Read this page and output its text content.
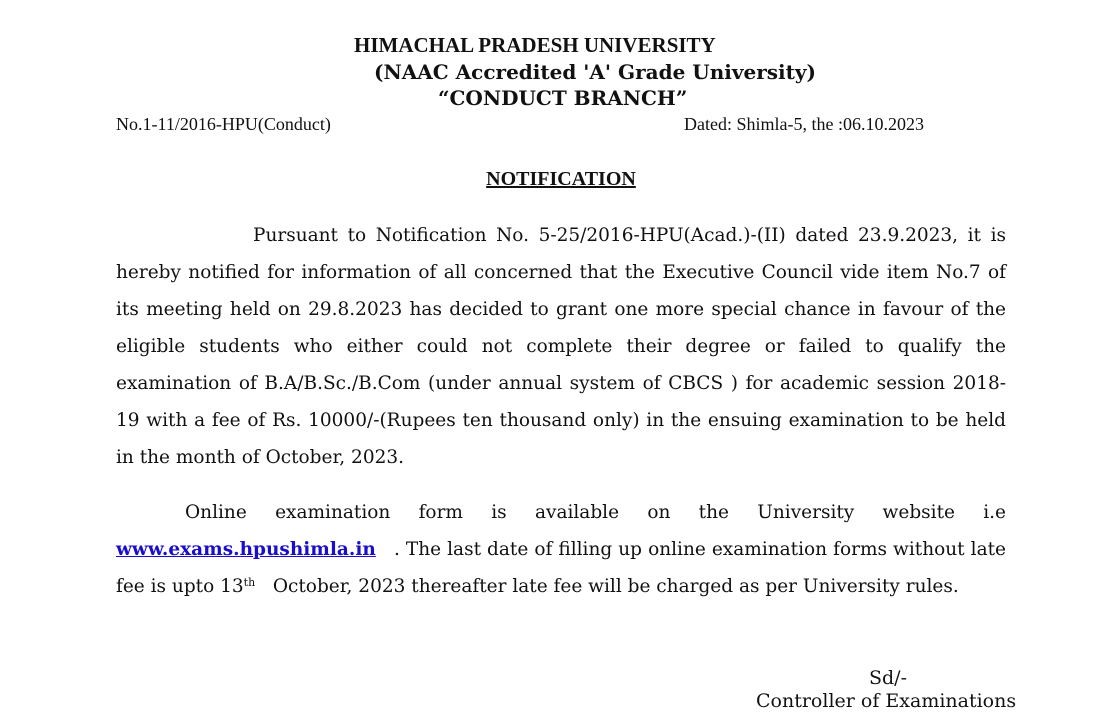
HIMACHAL PRADESH UNIVERSITY
(NAAC Accredited 'A' Grade University)
“CONDUCT BRANCH”
No.1-11/2016-HPU(Conduct)	Dated: Shimla-5, the :06.10.2023
NOTIFICATION
Pursuant to Notification No. 5-25/2016-HPU(Acad.)-(II) dated 23.9.2023, it is hereby notified for information of all concerned that the Executive Council vide item No.7 of its meeting held on 29.8.2023 has decided to grant one more special chance in favour of the eligible students who either could not complete their degree or failed to qualify the examination of B.A/B.Sc./B.Com (under annual system of CBCS ) for academic session 2018-19 with a fee of Rs. 10000/-(Rupees ten thousand only) in the ensuing examination to be held in the month of October, 2023.
Online examination form is available on the University website i.e www.exams.hpushimla.in . The last date of filling up online examination forms without late fee is upto 13th October, 2023 thereafter late fee will be charged as per University rules.
Sd/-
Controller of Examinations
